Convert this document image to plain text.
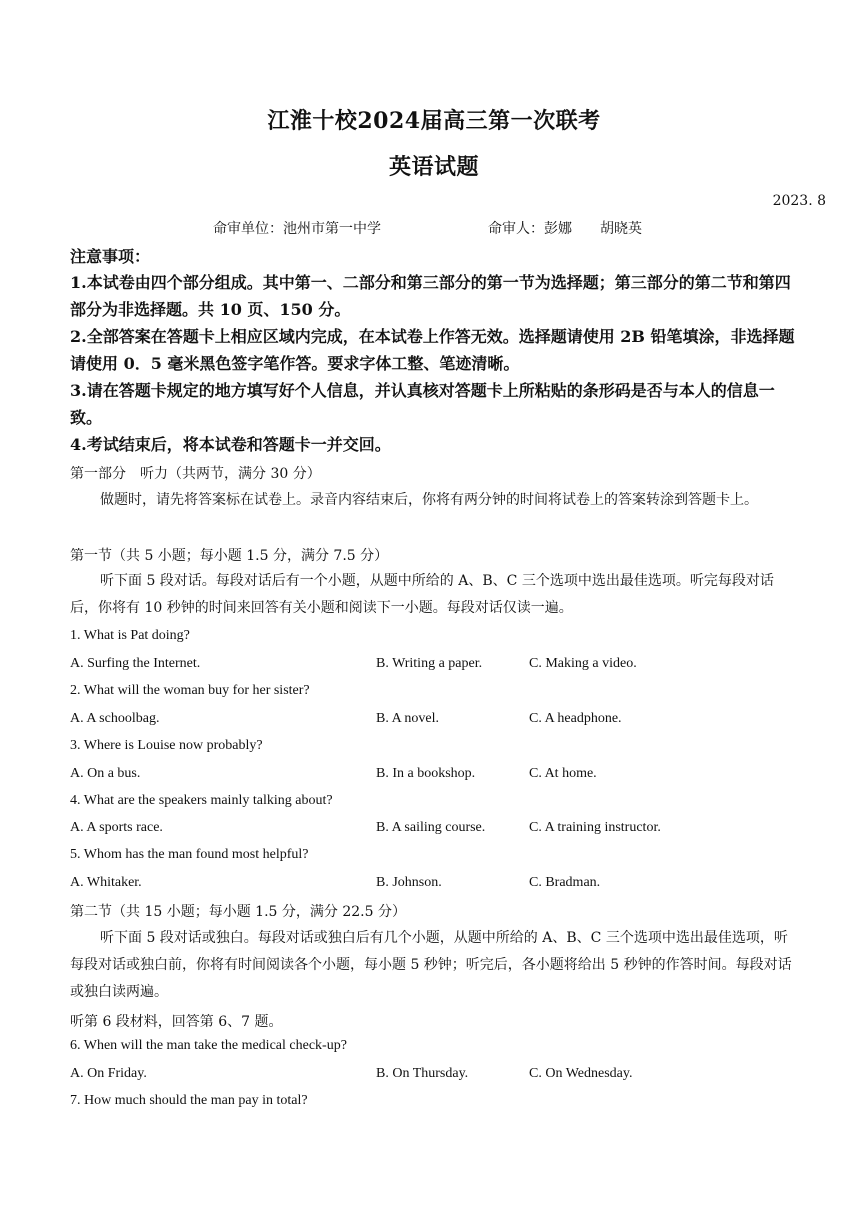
江淮十校2024届高三第一次联考
英语试题
2023. 8
命审单位：池州市第一中学	命审人：彭娜　　胡晓英
注意事项：
1.本试卷由四个部分组成。其中第一、二部分和第三部分的第一节为选择题；第三部分的第二节和第四部分为非选择题。共 10 页、150 分。
2.全部答案在答题卡上相应区域内完成，在本试卷上作答无效。选择题请使用 2B 铅笔填涂，非选择题请使用 0．5 毫米黑色签字笔作答。要求字体工整、笔迹清晰。
3.请在答题卡规定的地方填写好个人信息，并认真核对答题卡上所粘贴的条形码是否与本人的信息一致。
4.考试结束后，将本试卷和答题卡一并交回。
第一部分　听力（共两节，满分 30 分）
做题时，请先将答案标在试卷上。录音内容结束后，你将有两分钟的时间将试卷上的答案转涂到答题卡上。
第一节（共 5 小题；每小题 1.5 分，满分 7.5 分）
听下面 5 段对话。每段对话后有一个小题，从题中所给的 A、B、C 三个选项中选出最佳选项。听完每段对话后，你将有 10 秒钟的时间来回答有关小题和阅读下一小题。每段对话仅读一遍。
1. What is Pat doing?
A. Surfing the Internet.	B. Writing a paper.	C. Making a video.
2. What will the woman buy for her sister?
A. A schoolbag.	B. A novel.	C. A headphone.
3. Where is Louise now probably?
A. On a bus.	B. In a bookshop.	C. At home.
4. What are the speakers mainly talking about?
A. A sports race.	B. A sailing course.	C. A training instructor.
5. Whom has the man found most helpful?
A. Whitaker.	B. Johnson.	C. Bradman.
第二节（共 15 小题；每小题 1.5 分，满分 22.5 分）
听下面 5 段对话或独白。每段对话或独白后有几个小题，从题中所给的 A、B、C 三个选项中选出最佳选项，听每段对话或独白前，你将有时间阅读各个小题，每小题 5 秒钟；听完后，各小题将给出 5 秒钟的作答时间。每段对话或独白读两遍。
听第 6 段材料，回答第 6、7 题。
6. When will the man take the medical check-up?
A. On Friday.	B. On Thursday.	C. On Wednesday.
7. How much should the man pay in total?
